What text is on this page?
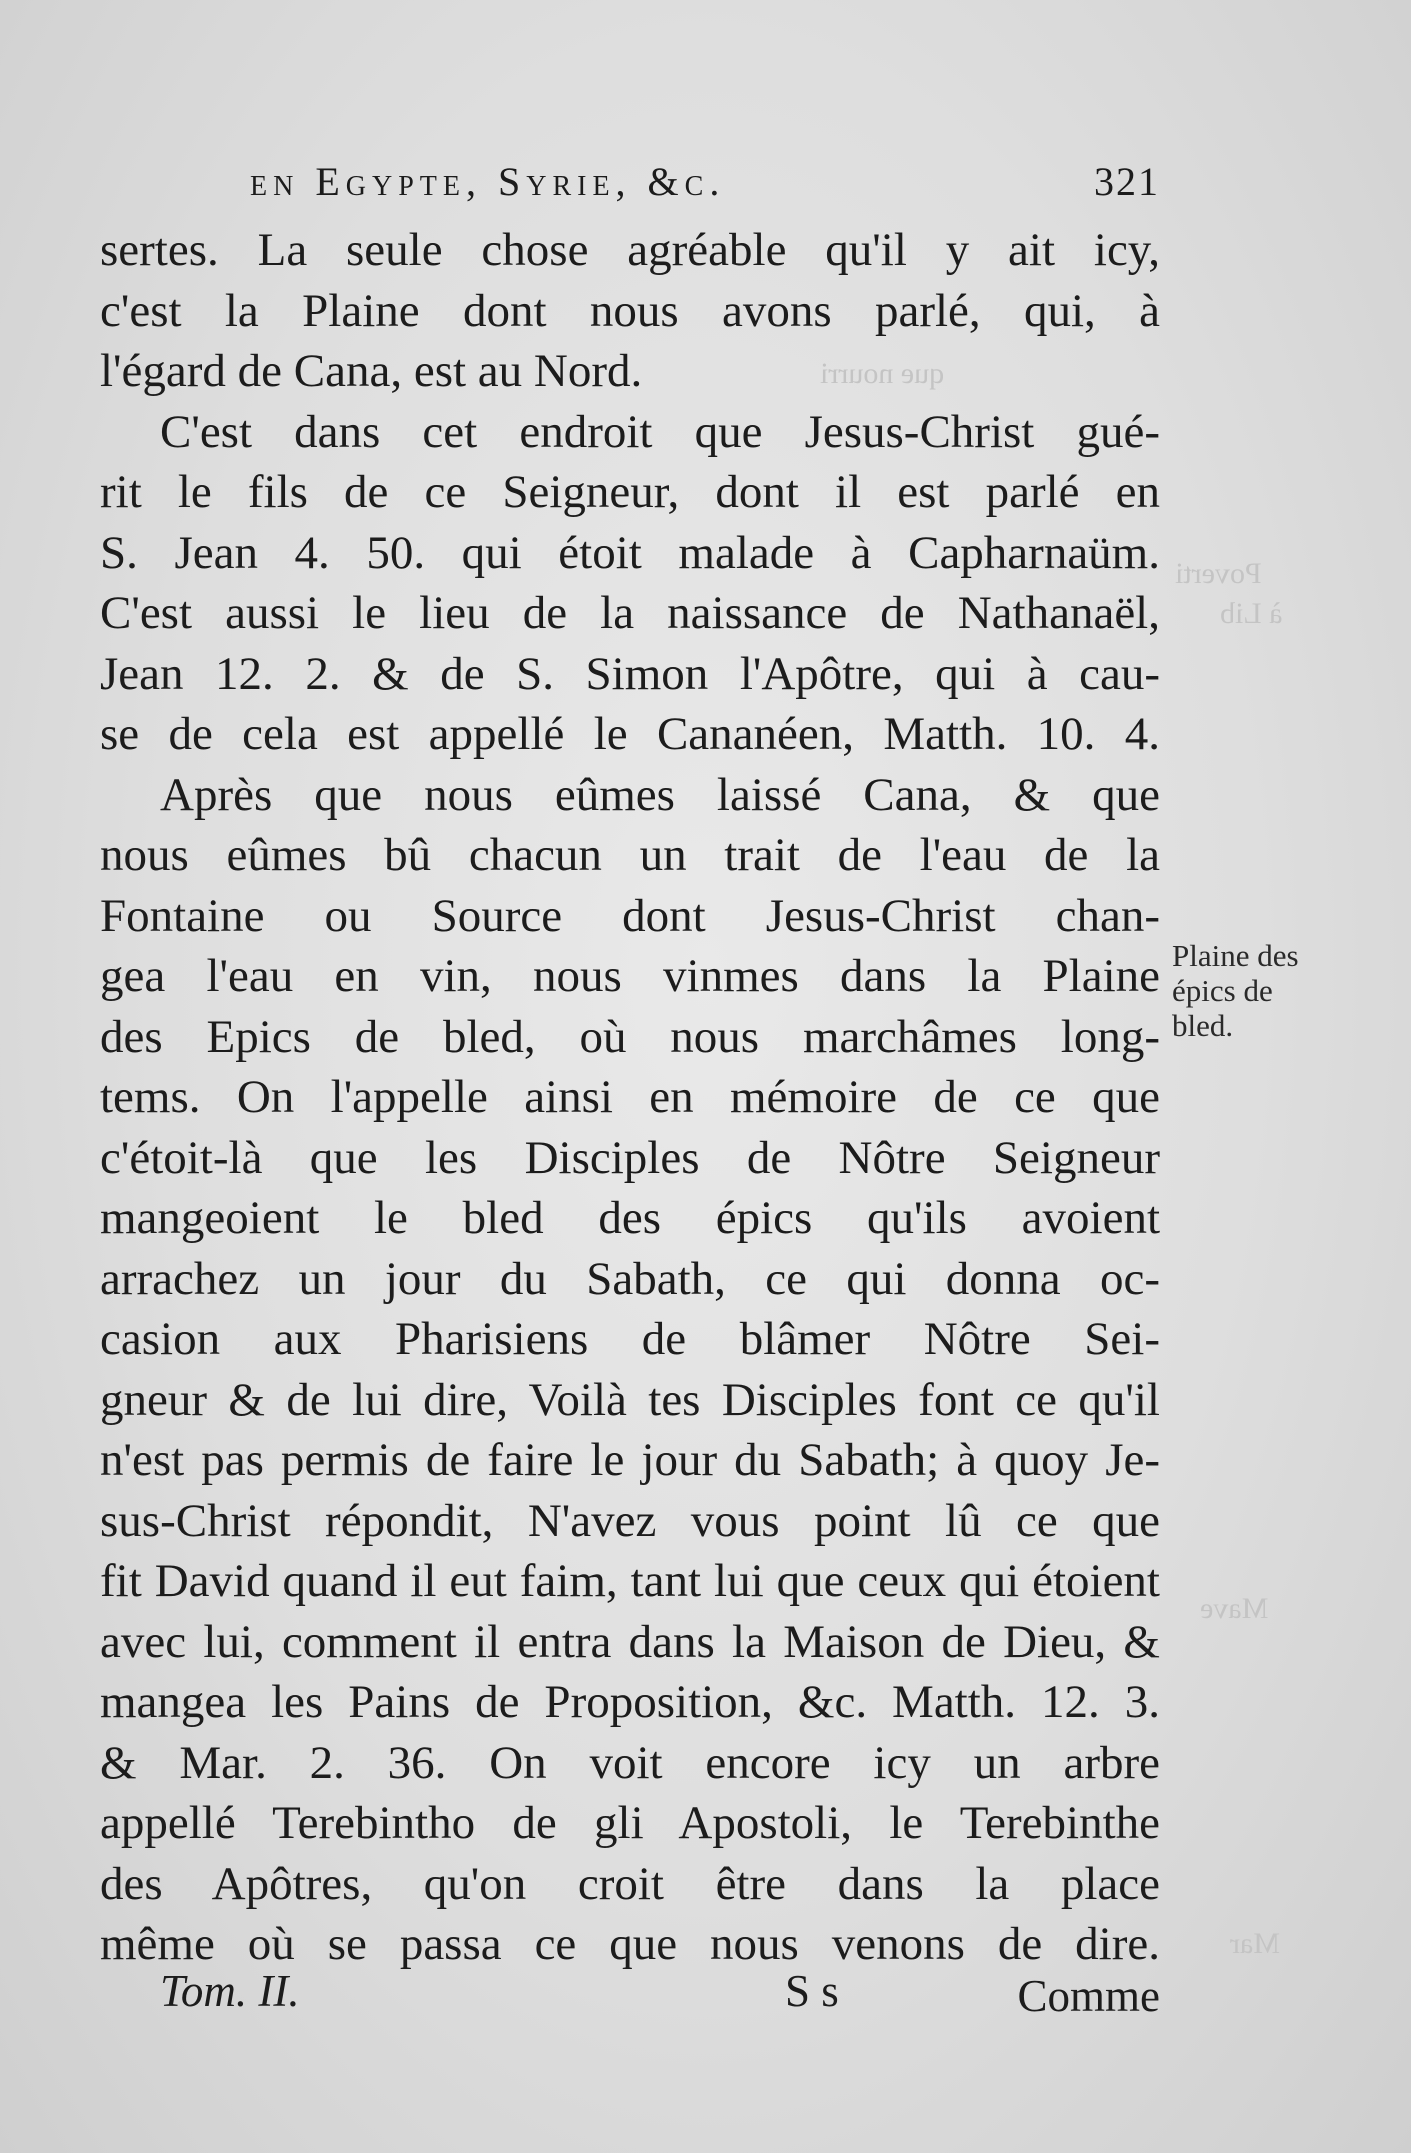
Poverti
à Lib
Mave
Mar
que nourri
en Egypte, Syrie, &c.	321
sertes. La seule chose agréable qu'il y ait icy,
c'est la Plaine dont nous avons parlé, qui, à
l'égard de Cana, est au Nord.
C'est dans cet endroit que Jesus-Christ gué-
rit le fils de ce Seigneur, dont il est parlé en
S. Jean 4. 50. qui étoit malade à Capharnaüm.
C'est aussi le lieu de la naissance de Nathanaël,
Jean 12. 2. & de S. Simon l'Apôtre, qui à cau-
se de cela est appellé le Cananéen, Matth. 10. 4.
Après que nous eûmes laissé Cana, & que
nous eûmes bû chacun un trait de l'eau de la
Fontaine ou Source dont Jesus-Christ chan-
gea l'eau en vin, nous vinmes dans la Plaine
des Epics de bled, où nous marchâmes long-
tems. On l'appelle ainsi en mémoire de ce que
c'étoit-là que les Disciples de Nôtre Seigneur
mangeoient le bled des épics qu'ils avoient
arrachez un jour du Sabath, ce qui donna oc-
casion aux Pharisiens de blâmer Nôtre Sei-
gneur & de lui dire, Voilà tes Disciples font ce qu'il
n'est pas permis de faire le jour du Sabath; à quoy Je-
sus-Christ répondit, N'avez vous point lû ce que
fit David quand il eut faim, tant lui que ceux qui étoient
avec lui, comment il entra dans la Maison de Dieu, &
mangea les Pains de Proposition, &c. Matth. 12. 3.
& Mar. 2. 36. On voit encore icy un arbre
appellé Terebintho de gli Apostoli, le Terebinthe
des Apôtres, qu'on croit être dans la place
même où se passa ce que nous venons de dire.
Plaine des
épics de
bled.
Tom. II.	S s	Comme
